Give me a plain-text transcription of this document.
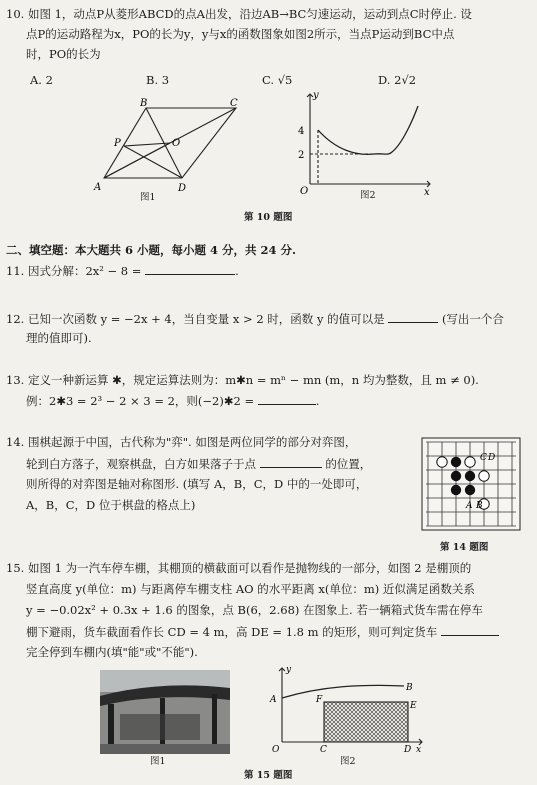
10. 如图 1，动点P从菱形ABCD的点A出发，沿边AB→BC匀速运动，运动到点C时停止. 设
点P的运动路程为x，PO的长为y，y与x的函数图象如图2所示，当点P运动到BC中点
时，PO的长为
A. 2	B. 3	C. √5	D. 2√2
A
B	C
D
P	O
图1
4
2
y
x
O	图2
第 10 题图
二、填空题：本大题共 6 小题，每小题 4 分，共 24 分.
11. 因式分解：2x² − 8 =	.
12. 已知一次函数 y = −2x + 4，当自变量 x > 2 时，函数 y 的值可以是	(写出一个合
理的值即可).
13. 定义一种新运算 ✱，规定运算法则为：m✱n = mⁿ − mn (m，n 均为整数，且 m ≠ 0).
例：2✱3 = 2³ − 2 × 3 = 2，则(−2)✱2 =	.
14. 围棋起源于中国，古代称为"弈". 如图是两位同学的部分对弈图，
轮到白方落子，观察棋盘，白方如果落子于点	的位置，
则所得的对弈图是轴对称图形. (填写 A，B，C，D 中的一处即可，
A，B，C，D 位于棋盘的格点上)
C D
A B
第 14 题图
15. 如图 1 为一汽车停车棚，其棚顶的横截面可以看作是抛物线的一部分，如图 2 是棚顶的
竖直高度 y(单位：m) 与距离停车棚支柱 AO 的水平距离 x(单位：m) 近似满足函数关系
y = −0.02x² + 0.3x + 1.6 的图象，点 B(6，2.68) 在图象上. 若一辆箱式货车需在停车
棚下避雨，货车截面看作长 CD = 4 m，高 DE = 1.8 m 的矩形，则可判定货车
完全停到车棚内(填"能"或"不能").
图1
y
A
B
F
E
O	C	D x
图2
第 15 题图
